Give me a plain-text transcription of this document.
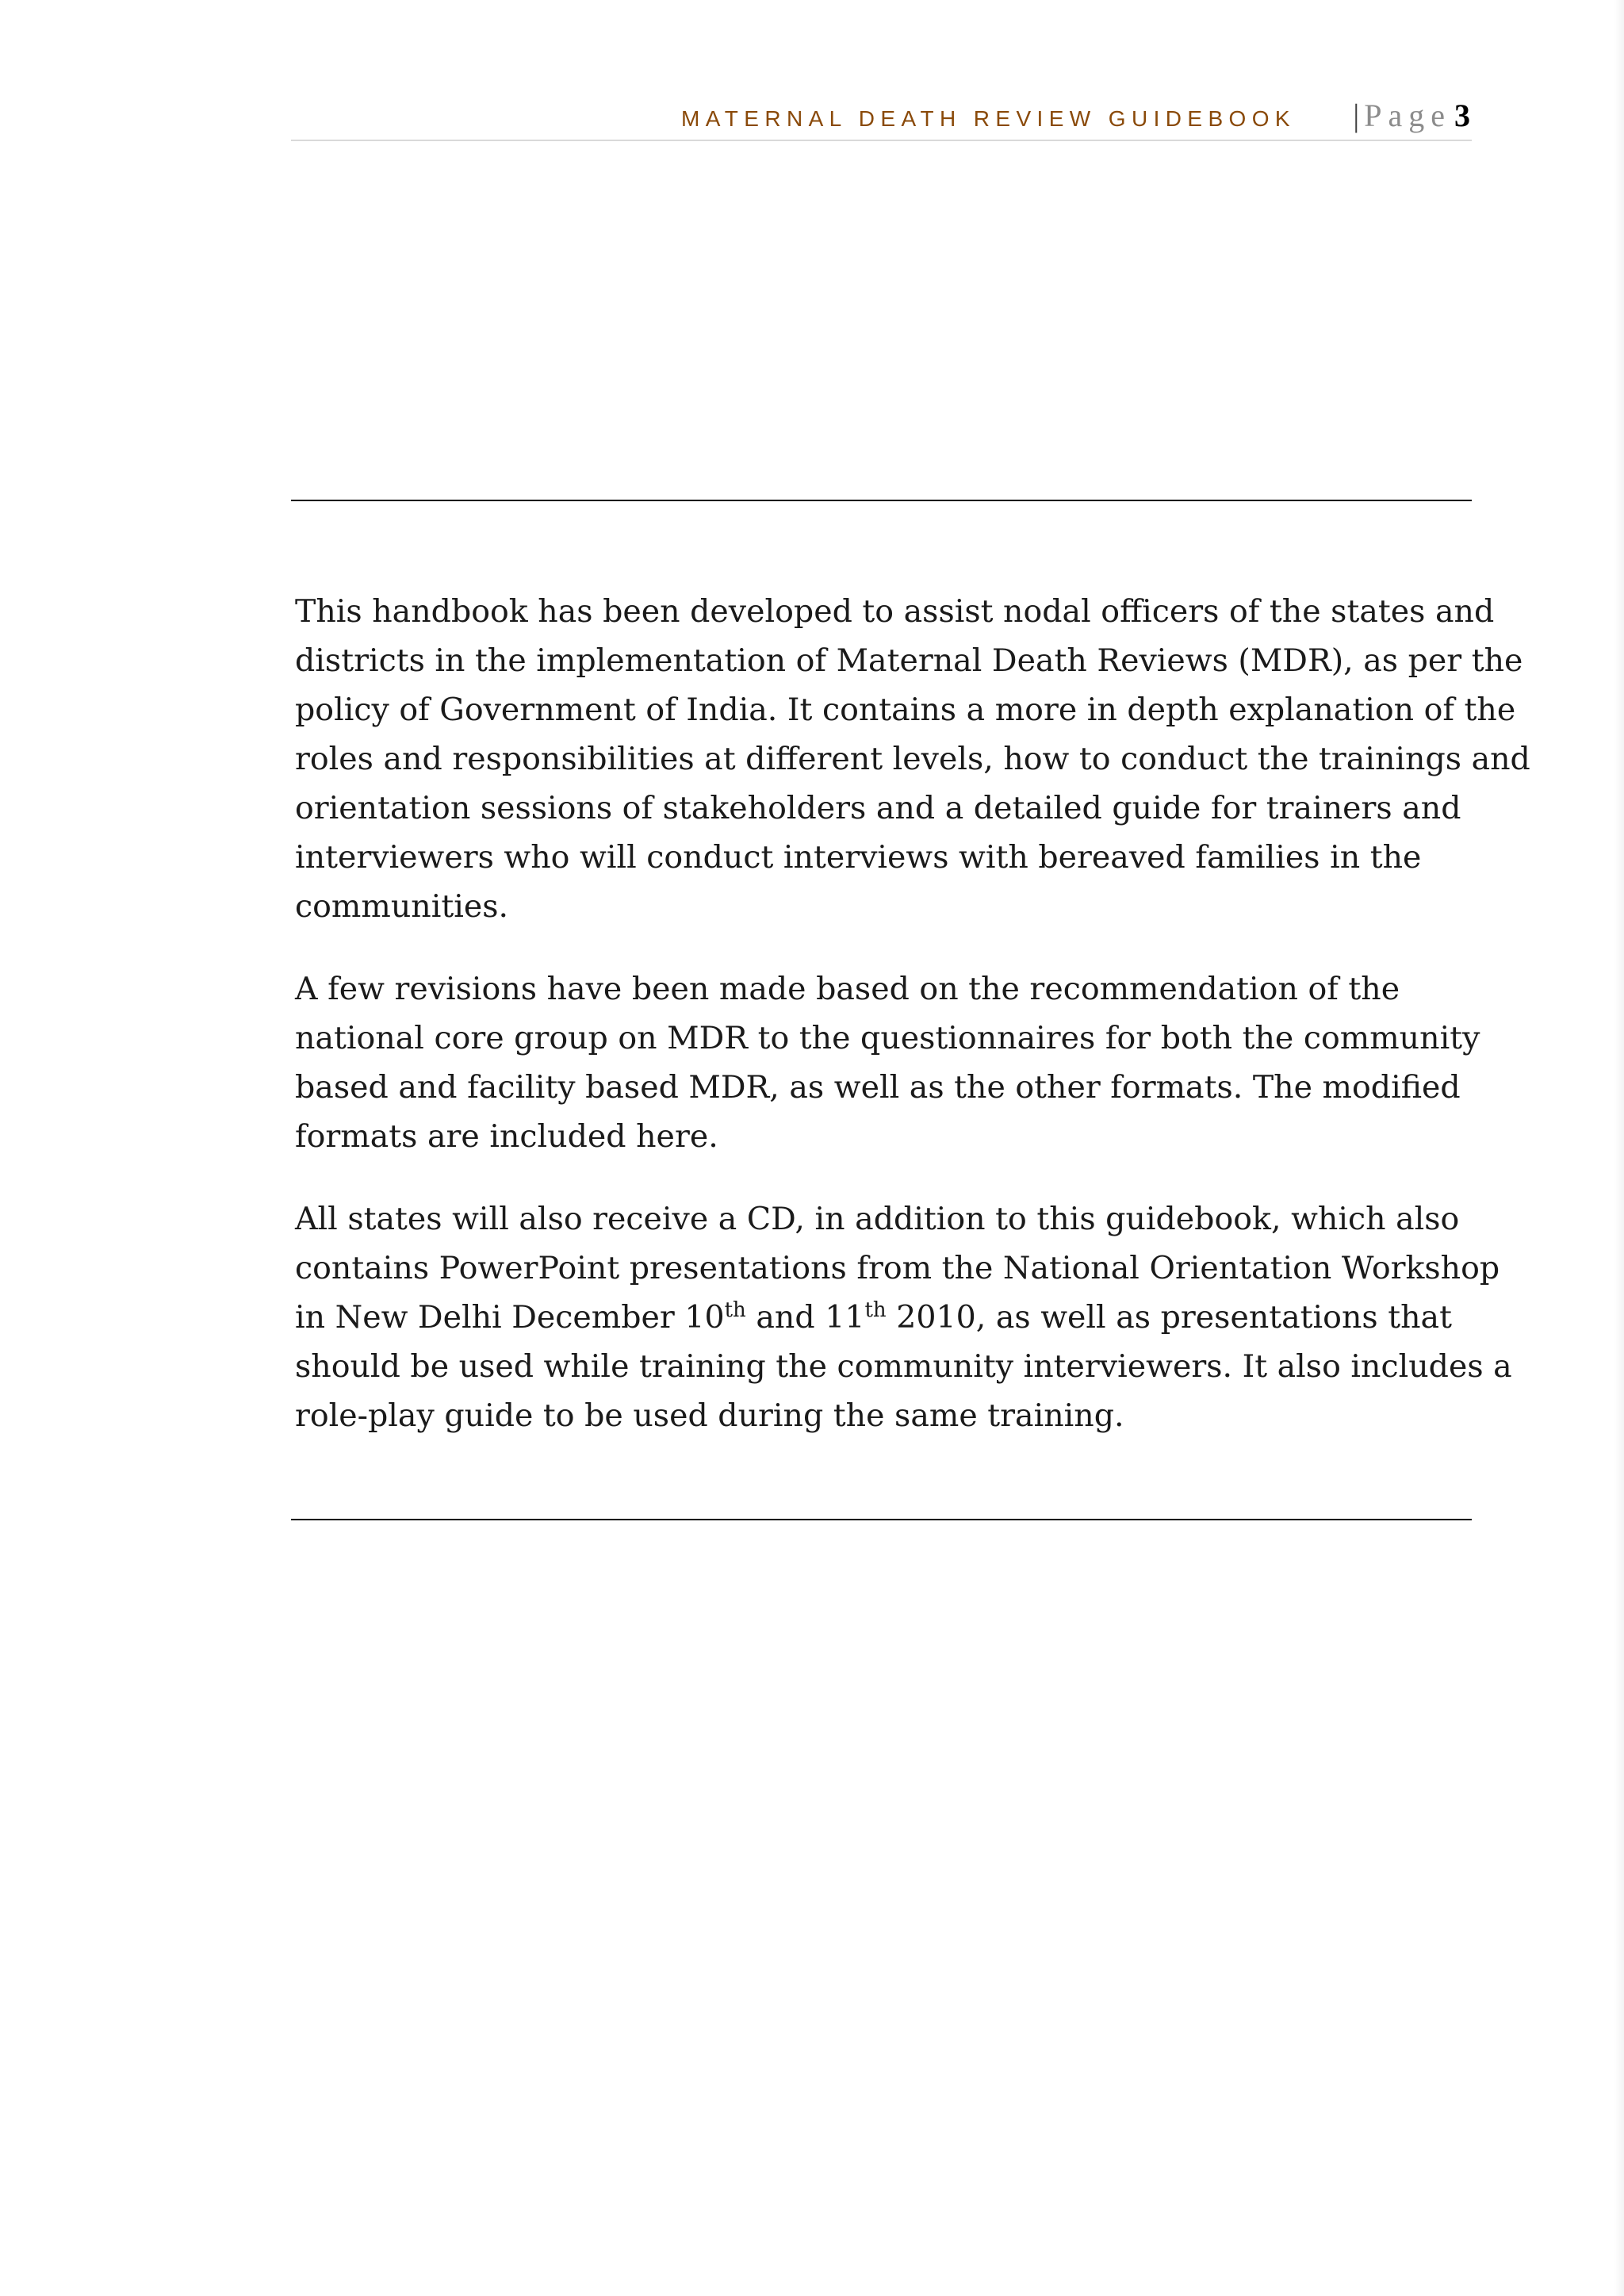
MATERNAL DEATH REVIEW GUIDEBOOK | Page 3

This handbook has been developed to assist nodal officers of the states and
districts in the implementation of Maternal Death Reviews (MDR), as per the
policy of Government of India. It contains a more in depth explanation of the
roles and responsibilities at different levels, how to conduct the trainings and
orientation sessions of stakeholders and a detailed guide for trainers and
interviewers who will conduct interviews with bereaved families in the
communities.

A few revisions have been made based on the recommendation of the
national core group on MDR to the questionnaires for both the community
based and facility based MDR, as well as the other formats. The modified
formats are included here.

All states will also receive a CD, in addition to this guidebook, which also
contains PowerPoint presentations from the National Orientation Workshop
in New Delhi December 10th and 11th 2010, as well as presentations that
should be used while training the community interviewers. It also includes a
role-play guide to be used during the same training.
